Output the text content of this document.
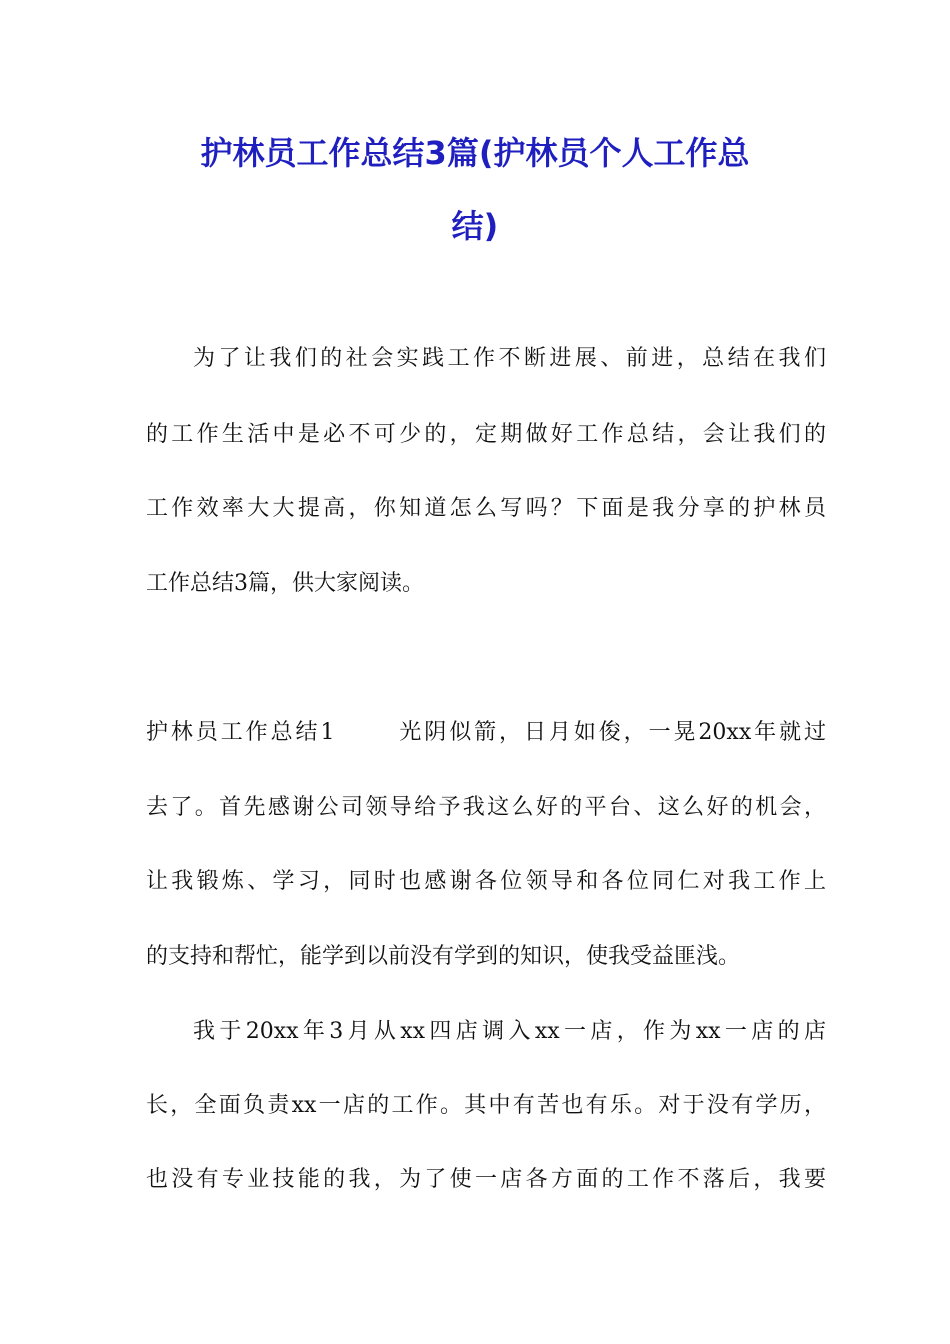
护林员工作总结3篇(护林员个人工作总
结)
为了让我们的社会实践工作不断进展、前进，总结在我们
的工作生活中是必不可少的，定期做好工作总结，会让我们的
工作效率大大提高，你知道怎么写吗？下面是我分享的护林员
工作总结3篇，供大家阅读。
护林员工作总结1	光阴似箭，日月如俊，一晃20xx年就过
去了。首先感谢公司领导给予我这么好的平台、这么好的机会，
让我锻炼、学习，同时也感谢各位领导和各位同仁对我工作上
的支持和帮忙，能学到以前没有学到的知识，使我受益匪浅。
我于20xx年3月从xx四店调入xx一店，作为xx一店的店
长，全面负责xx一店的工作。其中有苦也有乐。对于没有学历，
也没有专业技能的我，为了使一店各方面的工作不落后，我要
